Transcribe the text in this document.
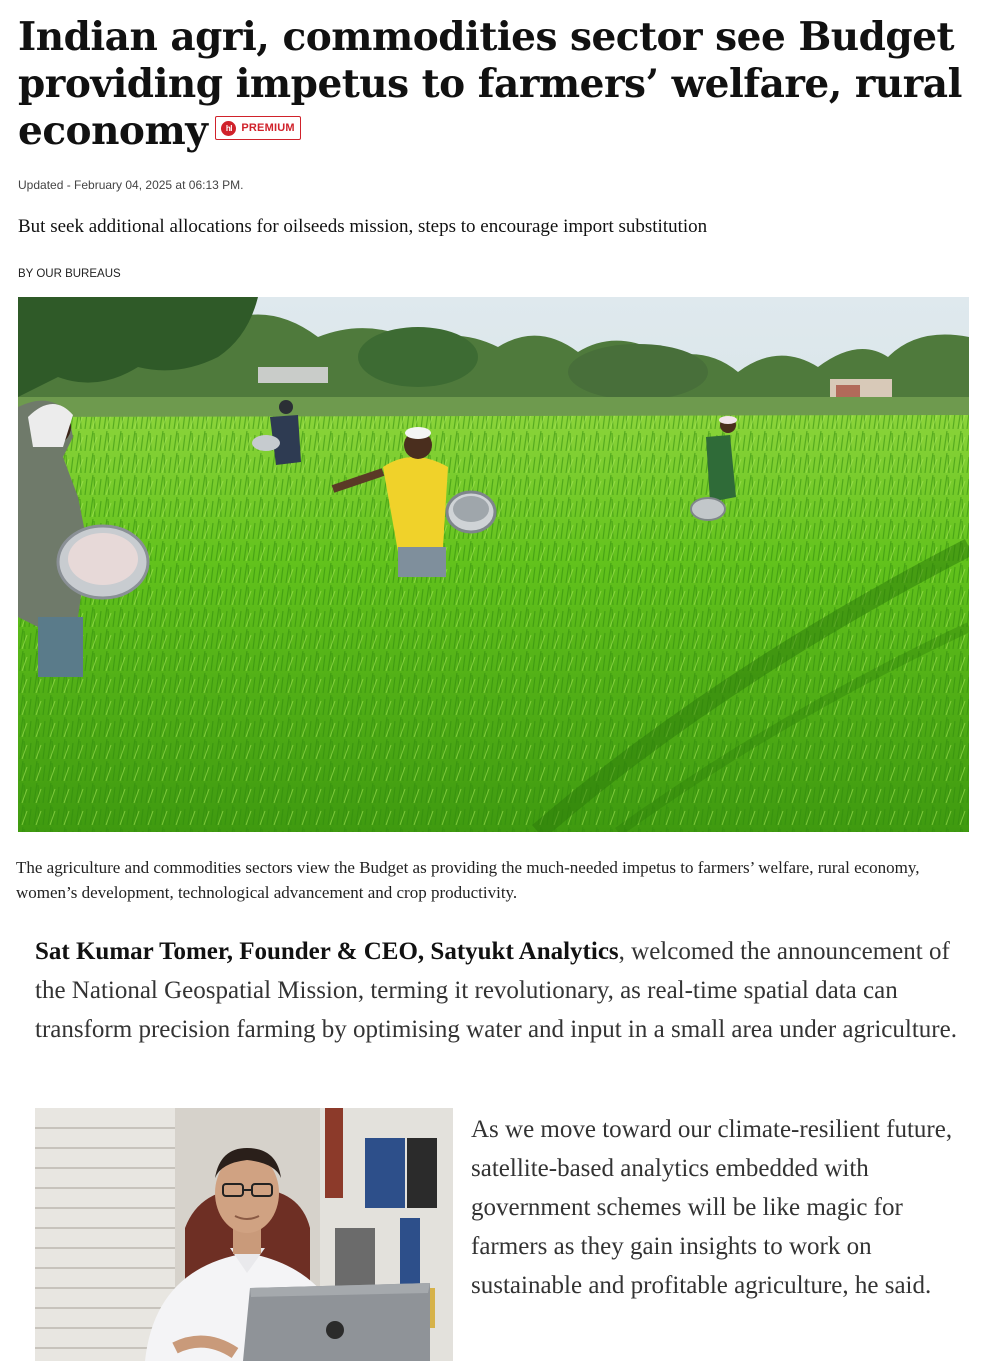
Indian agri, commodities sector see Budget providing impetus to farmers’ welfare, rural economy	hl PREMIUM
Updated - February 04, 2025 at 06:13 PM.
But seek additional allocations for oilseeds mission, steps to encourage import substitution
BY OUR BUREAUS
The agriculture and commodities sectors view the Budget as providing the much-needed impetus to farmers’ welfare, rural economy, women’s development, technological advancement and crop productivity.

Sat Kumar Tomer, Founder & CEO, Satyukt Analytics, welcomed the announcement of the National Geospatial Mission, terming it revolutionary, as real-time spatial data can transform precision farming by optimising water and input in a small area under agriculture.

As we move toward our climate-resilient future, satellite-based analytics embedded with government schemes will be like magic for farmers as they gain insights to work on sustainable and profitable agriculture, he said.
